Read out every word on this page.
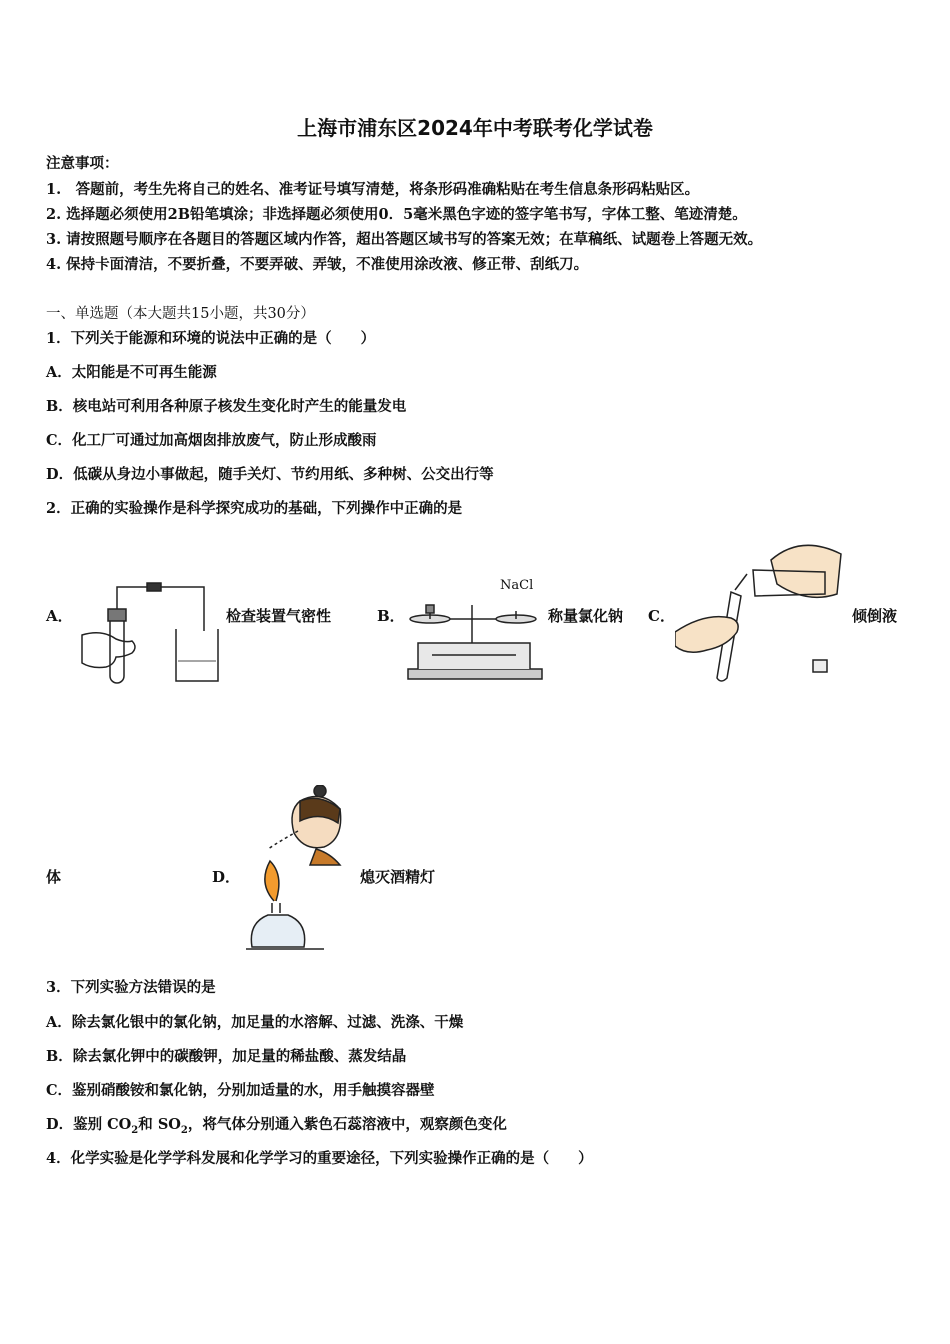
上海市浦东区2024年中考联考化学试卷
注意事项：
1.　答题前，考生先将自己的姓名、准考证号填写清楚，将条形码准确粘贴在考生信息条形码粘贴区。
2. 选择题必须使用2B铅笔填涂；非选择题必须使用0．5毫米黑色字迹的签字笔书写，字体工整、笔迹清楚。
3. 请按照题号顺序在各题目的答题区域内作答，超出答题区域书写的答案无效；在草稿纸、试题卷上答题无效。
4. 保持卡面清洁，不要折叠，不要弄破、弄皱，不准使用涂改液、修正带、刮纸刀。
一、单选题（本大题共15小题，共30分）
1．下列关于能源和环境的说法中正确的是（　　）
A．太阳能是不可再生能源
B．核电站可利用各种原子核发生变化时产生的能量发电
C．化工厂可通过加高烟囱排放废气，防止形成酸雨
D．低碳从身边小事做起，随手关灯、节约用纸、多种树、公交出行等
2．正确的实验操作是科学探究成功的基础，下列操作中正确的是
A．	检查装置气密性	B．
NaCl
称量氯化钠 C．	倾倒液
体	D．	熄灭酒精灯
3．下列实验方法错误的是
A．除去氯化银中的氯化钠，加足量的水溶解、过滤、洗涤、干燥
B．除去氯化钾中的碳酸钾，加足量的稀盐酸、蒸发结晶
C．鉴别硝酸铵和氯化钠，分别加适量的水，用手触摸容器壁
D．鉴别 $CO_2$和 $SO_2$，将气体分别通入紫色石蕊溶液中，观察颜色变化
4．化学实验是化学学科发展和化学学习的重要途径，下列实验操作正确的是（　　）
